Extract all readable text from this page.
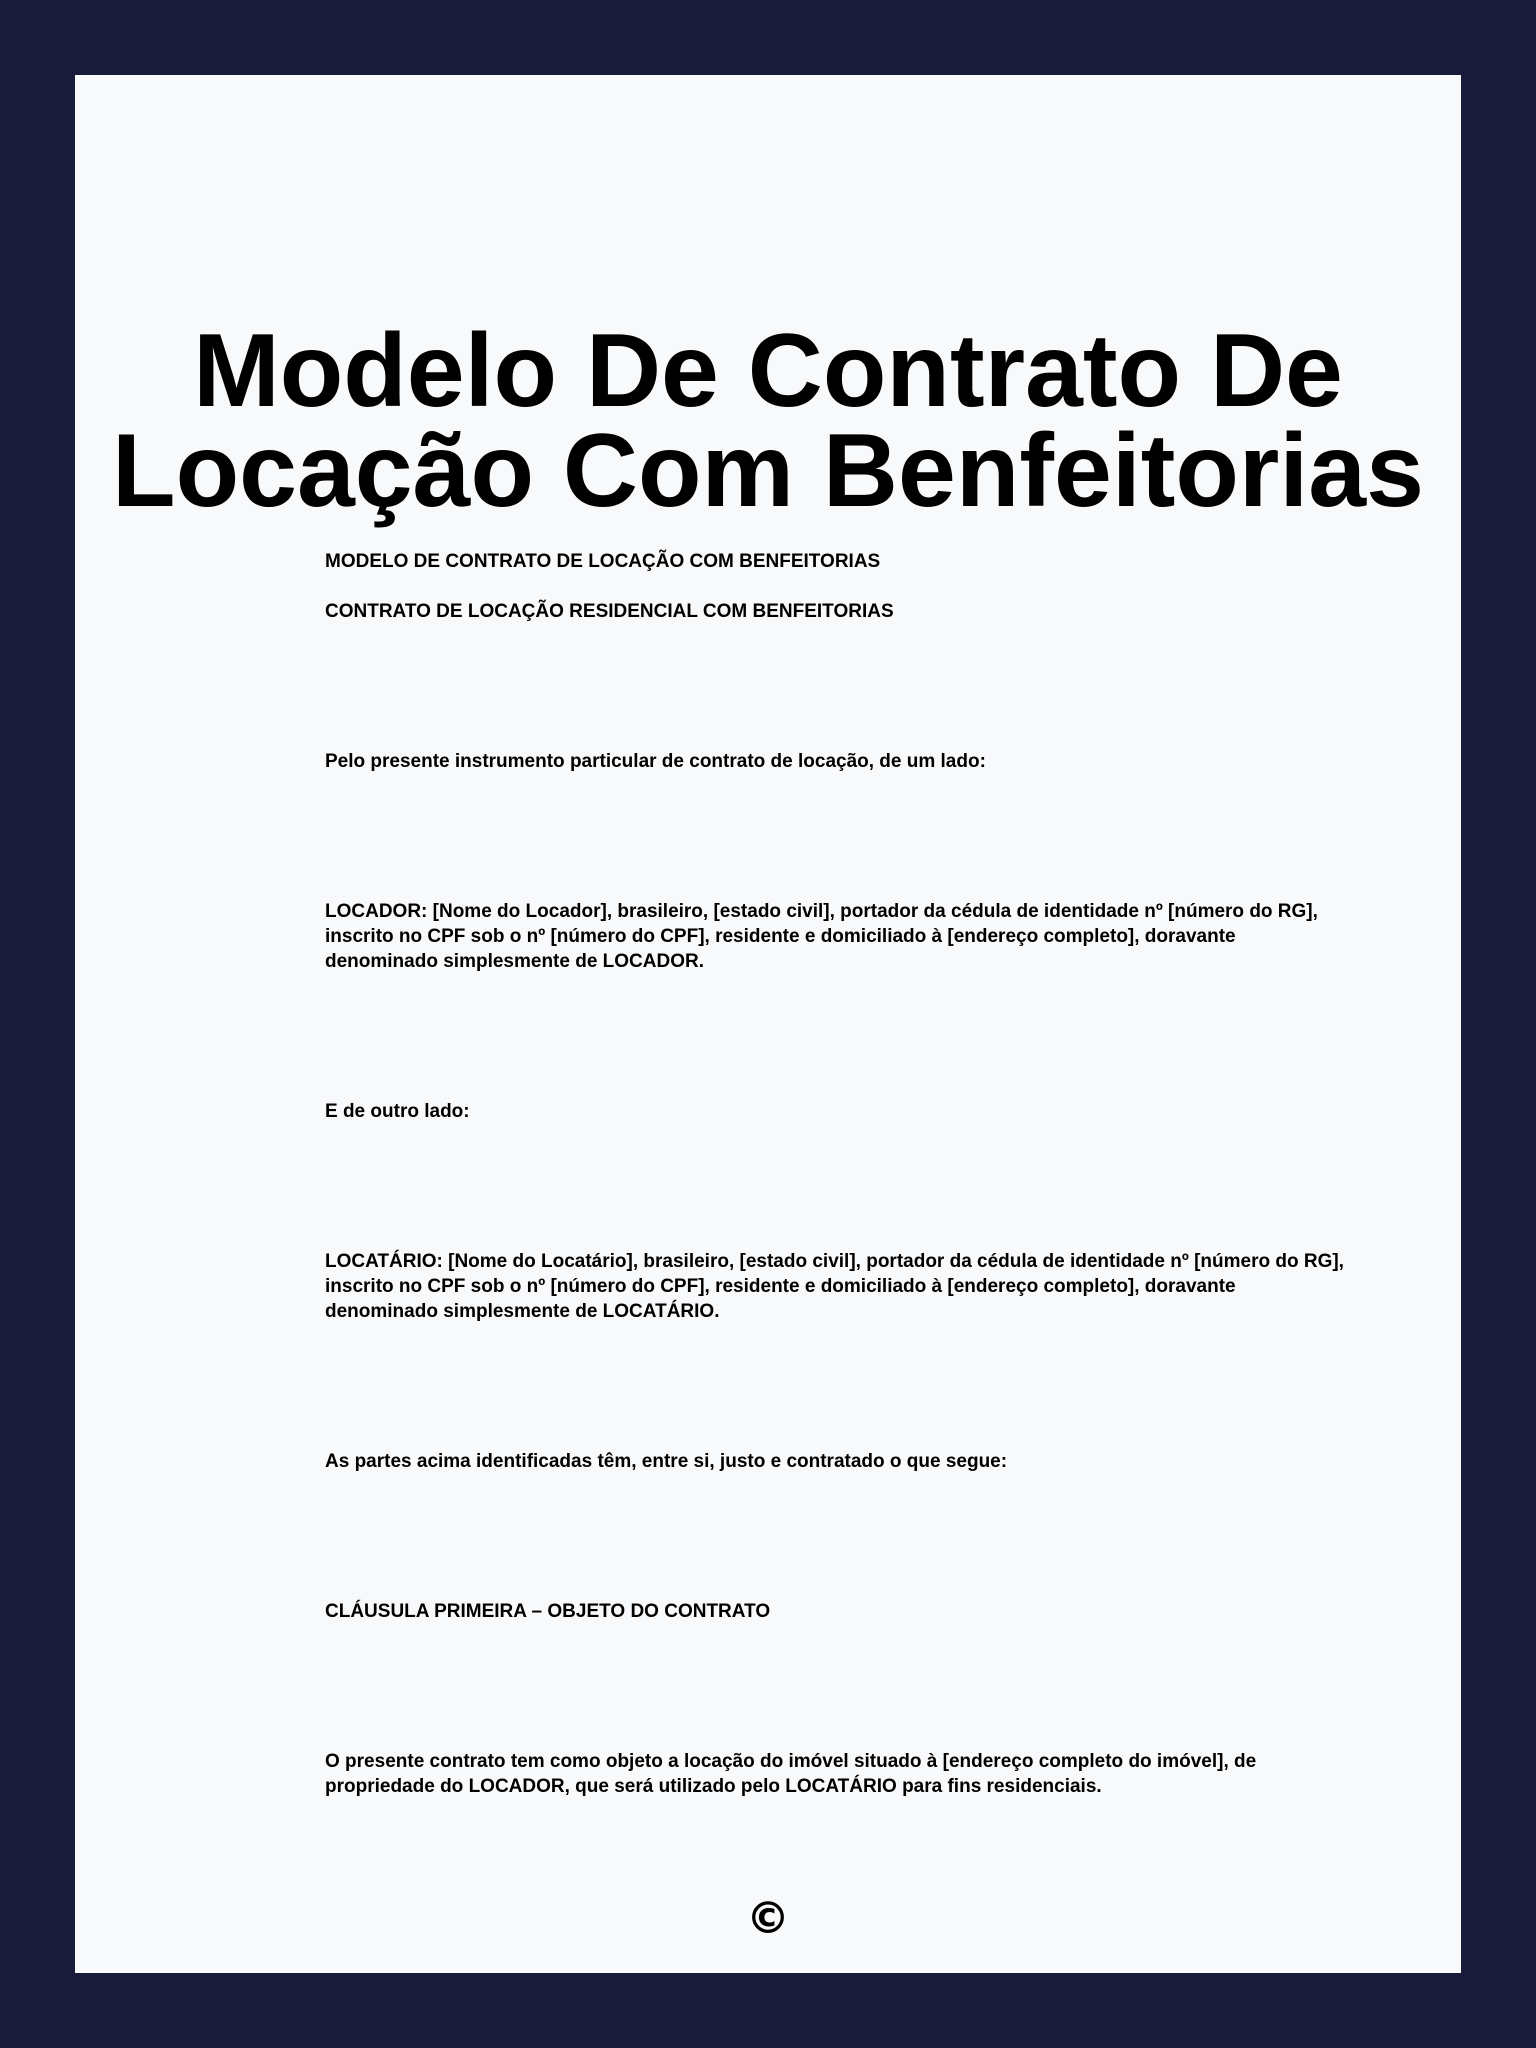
Modelo De Contrato De
Locação Com Benfeitorias

MODELO DE CONTRATO DE LOCAÇÃO COM BENFEITORIAS

CONTRATO DE LOCAÇÃO RESIDENCIAL COM BENFEITORIAS

Pelo presente instrumento particular de contrato de locação, de um lado:

LOCADOR: [Nome do Locador], brasileiro, [estado civil], portador da cédula de identidade nº [número do RG], inscrito no CPF sob o nº [número do CPF], residente e domiciliado à [endereço completo], doravante denominado simplesmente de LOCADOR.

E de outro lado:

LOCATÁRIO: [Nome do Locatário], brasileiro, [estado civil], portador da cédula de identidade nº [número do RG], inscrito no CPF sob o nº [número do CPF], residente e domiciliado à [endereço completo], doravante denominado simplesmente de LOCATÁRIO.

As partes acima identificadas têm, entre si, justo e contratado o que segue:

CLÁUSULA PRIMEIRA – OBJETO DO CONTRATO

O presente contrato tem como objeto a locação do imóvel situado à [endereço completo do imóvel], de propriedade do LOCADOR, que será utilizado pelo LOCATÁRIO para fins residenciais.

©
